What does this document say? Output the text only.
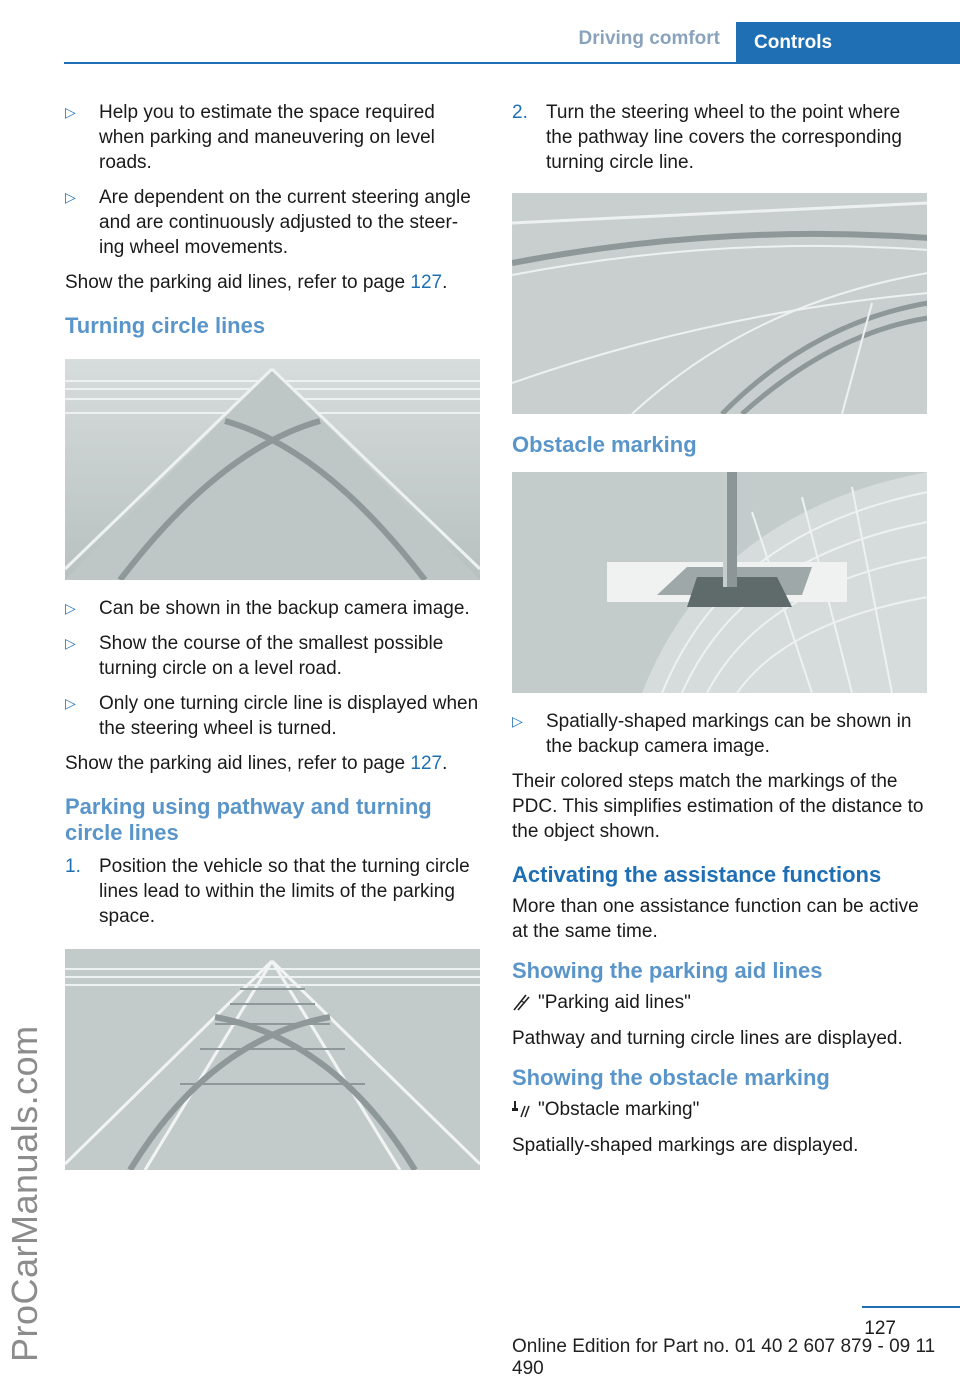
Driving comfort	Controls
ProCarManuals.com
▷ Help you to estimate the space required when parking and maneuvering on level roads.
▷ Are dependent on the current steering angle and are continuously adjusted to the steer-ing wheel movements.

Show the parking aid lines, refer to page 127.

Turning circle lines
▷ Can be shown in the backup camera image.
▷ Show the course of the smallest possible turning circle on a level road.
▷ Only one turning circle line is displayed when the steering wheel is turned.

Show the parking aid lines, refer to page 127.

Parking using pathway and turning circle lines
1. Position the vehicle so that the turning circle lines lead to within the limits of the parking space.
2. Turn the steering wheel to the point where the pathway line covers the corresponding turning circle line.
Obstacle marking
▷ Spatially-shaped markings can be shown in the backup camera image.

Their colored steps match the markings of the PDC. This simplifies estimation of the distance to the object shown.

Activating the assistance functions

More than one assistance function can be active at the same time.

Showing the parking aid lines
"Parking aid lines"

Pathway and turning circle lines are displayed.

Showing the obstacle marking
"Obstacle marking"

Spatially-shaped markings are displayed.

127
Online Edition for Part no. 01 40 2 607 879 - 09 11 490
